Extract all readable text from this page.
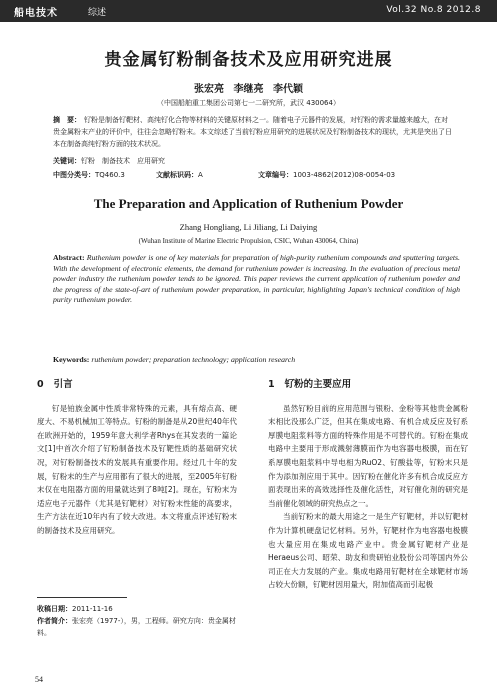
船电技术	综述	Vol.32 No.8 2012.8
贵金属钌粉制备技术及应用研究进展
张宏亮 李继亮 李代颖
（中国船舶重工集团公司第七一二研究所，武汉 430064）
摘　要： 钌粉是制备钌靶材、高纯钌化合物等材料的关键原材料之一。随着电子元器件的发展，对钌粉的需求量越来越大，在对贵金属粉末产业的评价中，往往会忽略钌粉末。本文综述了当前钌粉应用研究的进展状况及钌粉制备技术的现状，尤其是突出了日本在制备高纯钌粉方面的技术状况。
关键词：钌粉　制备技术　应用研究
中图分类号：TQ460.3	文献标识码：A	文章编号：1003-4862(2012)08-0054-03
The Preparation and Application of Ruthenium Powder
Zhang Hongliang, Li Jiliang, Li Daiying
(Wuhan Institute of Marine Electric Propulsion, CSIC, Wuhan 430064, China)
Abstract: Ruthenium powder is one of key materials for preparation of high-purity ruthenium compounds and sputtering targets. With the development of electronic elements, the demand for ruthenium powder is increasing. In the evaluation of precious metal powder industry the ruthenium powder tends to be ignored. This paper reviews the current application of ruthenium powder and the progress of the state-of-art of ruthenium powder preparation, in particular, highlighting Japan's technical condition of high purity ruthenium powder.
Keywords: ruthenium powder; preparation technology; application research
0 引言

钌是铂族金属中性质非常特殊的元素，具有熔点高、硬度大、不易机械加工等特点。钌粉的制备是从20世纪40年代在欧洲开始的，1959年意大利学者Rhys在其发表的一篇论文[1]中首次介绍了钌粉制备技术及钌靶性质的基础研究状况，对钌粉制备技术的发展具有重要作用。经过几十年的发展，钌粉末的生产与应用都有了很大的进展，至2005年钌粉末仅在电阻器方面的用量就达到了8吨[2]。现在，钌粉末为适应电子元器件（尤其是钌靶材）对钌粉末性能的高要求，生产方法在近10年内有了较大改进。本文将重点评述钌粉末的制备技术及应用研究。

1 钌粉的主要应用

虽然钌粉目前的应用范围与银粉、金粉等其他贵金属粉末相比没那么广泛，但其在集成电路、有机合成反应及钌系厚膜电阻浆料等方面的特殊作用是不可替代的。钌粉在集成电路中主要用于形成溅射薄膜而作为电容器电极膜，而在钌系厚膜电阻浆料中导电相为RuO2、钌酸盐等，钌粉末只是作为添加剂应用于其中。因钌粉在催化许多有机合成反应方面表现出来的高效选择性及催化活性，对钌催化剂的研究是当前催化领域的研究热点之一。

当前钌粉末的最大用途之一是生产钌靶材，并以钌靶材作为计算机硬盘记忆材料。另外，钌靶材作为电容器电极膜也大量应用在集成电路产业中。贵金属钌靶材产业是Heraeus公司、昭荣、助友和贵研铂业股份公司等国内外公司正在大力发展的产业。集成电路用钌靶材在全球靶材市场占较大份额，钌靶材因用量大，附加值高而引起极

收稿日期：2011-11-16
作者简介：张宏亮（1977-），男，工程师。研究方向：贵金属材料。
54
